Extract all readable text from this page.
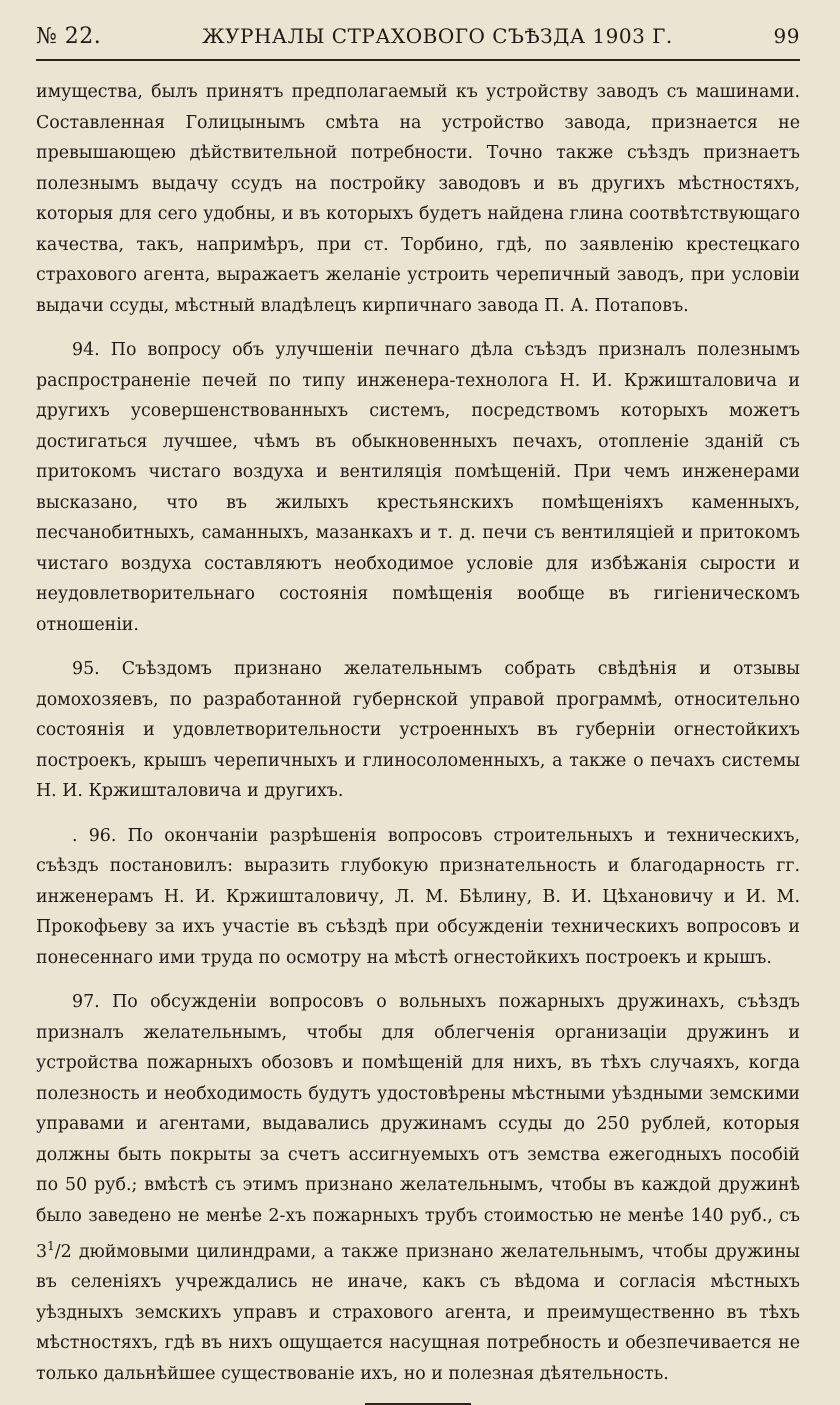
№ 22.	ЖУРНАЛЫ СТРАХОВОГО СЪѢЗДА 1903 Г.	99

имущества, былъ принятъ предполагаемый къ устройству заводъ съ машинами. Составленная Голицынымъ смѣта на устройство завода, признается не превышающею дѣйствительной потребности. Точно также съѣздъ признаетъ полезнымъ выдачу ссудъ на постройку заводовъ и въ другихъ мѣстностяхъ, которыя для сего удобны, и въ которыхъ будетъ найдена глина соотвѣтствующаго качества, такъ, напримѣръ, при ст. Торбино, гдѣ, по заявленію крестецкаго страхового агента, выражаетъ желаніе устроить черепичный заводъ, при условіи выдачи ссуды, мѣстный владѣлецъ кирпичнаго завода П. А. Потаповъ.

94. По вопросу объ улучшеніи печнаго дѣла съѣздъ призналъ полезнымъ распространеніе печей по типу инженера-технолога Н. И. Кржишталовича и другихъ усовершенствованныхъ системъ, посредствомъ которыхъ можетъ достигаться лучшее, чѣмъ въ обыкновенныхъ печахъ, отопленіе зданій съ притокомъ чистаго воздуха и вентиляція помѣщеній. При чемъ инженерами высказано, что въ жилыхъ крестьянскихъ помѣщеніяхъ каменныхъ, песчанобитныхъ, саманныхъ, мазанкахъ и т. д. печи съ вентиляціей и притокомъ чистаго воздуха составляютъ необходимое условіе для избѣжанія сырости и неудовлетворительнаго состоянія помѣщенія вообще въ гигіеническомъ отношеніи.

95. Съѣздомъ признано желательнымъ собрать свѣдѣнія и отзывы домохозяевъ, по разработанной губернской управой программѣ, относительно состоянія и удовлетворительности устроенныхъ въ губерніи огнестойкихъ построекъ, крышъ черепичныхъ и глиносоломенныхъ, а также о печахъ системы Н. И. Кржишталовича и другихъ.

. 96. По окончаніи разрѣшенія вопросовъ строительныхъ и техническихъ, съѣздъ постановилъ: выразить глубокую признательность и благодарность гг. инженерамъ Н. И. Кржишталовичу, Л. М. Бѣлину, В. И. Цѣхановичу и И. М. Прокофьеву за ихъ участіе въ съѣздѣ при обсужденіи техническихъ вопросовъ и понесеннаго ими труда по осмотру на мѣстѣ огнестойкихъ построекъ и крышъ.

97. По обсужденіи вопросовъ о вольныхъ пожарныхъ дружинахъ, съѣздъ призналъ желательнымъ, чтобы для облегченія организаціи дружинъ и устройства пожарныхъ обозовъ и помѣщеній для нихъ, въ тѣхъ случаяхъ, когда полезность и необходимость будутъ удостовѣрены мѣстными уѣздными земскими управами и агентами, выдавались дружинамъ ссуды до 250 рублей, которыя должны быть покрыты за счетъ ассигнуемыхъ отъ земства ежегодныхъ пособій по 50 руб.; вмѣстѣ съ этимъ признано желательнымъ, чтобы въ каждой дружинѣ было заведено не менѣе 2-хъ пожарныхъ трубъ стоимостью не менѣе 140 руб., съ $3^1/2$ дюймовыми цилиндрами, а также признано желательнымъ, чтобы дружины въ селеніяхъ учреждались не иначе, какъ съ вѣдома и согласія мѣстныхъ уѣздныхъ земскихъ управъ и страхового агента, и преимущественно въ тѣхъ мѣстностяхъ, гдѣ въ нихъ ощущается насущная потребность и обезпечивается не только дальнѣйшее существованіе ихъ, но и полезная дѣятельность.
